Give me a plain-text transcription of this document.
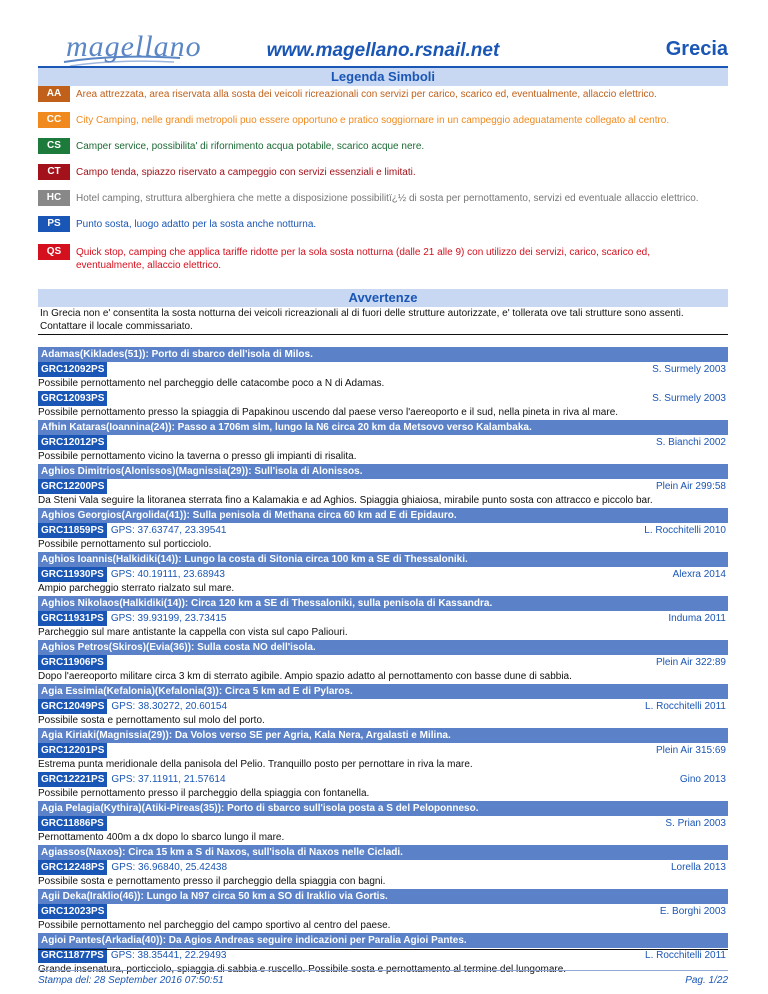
magellano	www.magellano.rsnail.net	Grecia
Legenda Simboli
AA	Area attrezzata, area riservata alla sosta dei veicoli ricreazionali con servizi per carico, scarico ed, eventualmente, allaccio elettrico.
CC	City Camping, nelle grandi metropoli puo essere opportuno e pratico soggiornare in un campeggio adeguatamente collegato al centro.
CS	Camper service, possibilita' di rifornimento acqua potabile, scarico acque nere.
CT	Campo tenda, spiazzo riservato a campeggio con servizi essenziali e limitati.
HC	Hotel camping, struttura alberghiera che mette a disposizione possibilitï¿½ di sosta per pernottamento, servizi ed eventuale allaccio elettrico.
PS	Punto sosta, luogo adatto per la sosta anche notturna.
QS	Quick stop, camping che applica tariffe ridotte per la sola sosta notturna (dalle 21 alle 9) con utilizzo dei servizi, carico, scarico ed, eventualmente, allaccio elettrico.
Avvertenze
In Grecia non e' consentita la sosta notturna dei veicoli ricreazionali al di fuori delle strutture autorizzate, e' tollerata ove tali strutture sono assenti. Contattare il locale commissariato.
Adamas(Kiklades(51)): Porto di sbarco dell'isola di Milos.
GRC12092PS	S. Surmely 2003
Possibile pernottamento nel parcheggio delle catacombe poco a N di Adamas.
GRC12093PS	S. Surmely 2003
Possibile pernottamento presso la spiaggia di Papakinou uscendo dal paese verso l'aereoporto e il sud, nella pineta in riva al mare.
Afhin Kataras(Ioannina(24)): Passo a 1706m slm, lungo la N6 circa 20 km da Metsovo verso Kalambaka.
GRC12012PS	S. Bianchi 2002
Possibile pernottamento vicino la taverna o presso gli impianti di risalita.
Aghios Dimitrios(Alonissos)(Magnissia(29)): Sull'isola di Alonissos.
GRC12200PS	Plein Air 299:58
Da Steni Vala seguire la litoranea sterrata fino a Kalamakia e ad Aghios. Spiaggia ghiaiosa, mirabile punto sosta con attracco e piccolo bar.
Aghios Georgios(Argolida(41)): Sulla penisola di Methana circa 60 km ad E di Epidauro.
GRC11859PS GPS: 37.63747, 23.39541	L. Rocchitelli 2010
Possibile pernottamento sul porticciolo.
Aghios Ioannis(Halkidiki(14)): Lungo la costa di Sitonia circa 100 km a SE di Thessaloniki.
GRC11930PS GPS: 40.19111, 23.68943	Alexra 2014
Ampio parcheggio sterrato rialzato sul mare.
Aghios Nikolaos(Halkidiki(14)): Circa 120 km a SE di Thessaloniki, sulla penisola di Kassandra.
GRC11931PS GPS: 39.93199, 23.73415	Induma 2011
Parcheggio sul mare antistante la cappella con vista sul capo Paliouri.
Aghios Petros(Skiros)(Evia(36)): Sulla costa NO dell'isola.
GRC11906PS	Plein Air 322:89
Dopo l'aereoporto militare circa 3 km di sterrato agibile. Ampio spazio adatto al pernottamento con basse dune di sabbia.
Agia Essimia(Kefalonia)(Kefalonia(3)): Circa 5 km ad E di Pylaros.
GRC12049PS GPS: 38.30272, 20.60154	L. Rocchitelli 2011
Possibile sosta e pernottamento sul molo del porto.
Agia Kiriaki(Magnissia(29)): Da Volos verso SE per Agria, Kala Nera, Argalasti e Milina.
GRC12201PS	Plein Air 315:69
Estrema punta meridionale della panisola del Pelio. Tranquillo posto per pernottare in riva la mare.
GRC12221PS GPS: 37.11911, 21.57614	Gino 2013
Possibile pernottamento presso il parcheggio della spiaggia con fontanella.
Agia Pelagia(Kythira)(Atiki-Pireas(35)): Porto di sbarco sull'isola posta a S del Peloponneso.
GRC11886PS	S. Prian 2003
Pernottamento 400m a dx dopo lo sbarco lungo il mare.
Agiassos(Naxos): Circa 15 km a S di Naxos, sull'isola di Naxos nelle Cicladi.
GRC12248PS GPS: 36.96840, 25.42438	Lorella 2013
Possibile sosta e pernottamento presso il parcheggio della spiaggia con bagni.
Agii Deka(Iraklio(46)): Lungo la N97 circa 50 km a SO di Iraklio via Gortis.
GRC12023PS	E. Borghi 2003
Possibile pernottamento nel parcheggio del campo sportivo al centro del paese.
Agioi Pantes(Arkadia(40)): Da Agios Andreas seguire indicazioni per Paralia Agioi Pantes.
GRC11877PS GPS: 38.35441, 22.29493	L. Rocchitelli 2011
Stampa del: 28 September 2016 07:50:51	Pag. 1/22
